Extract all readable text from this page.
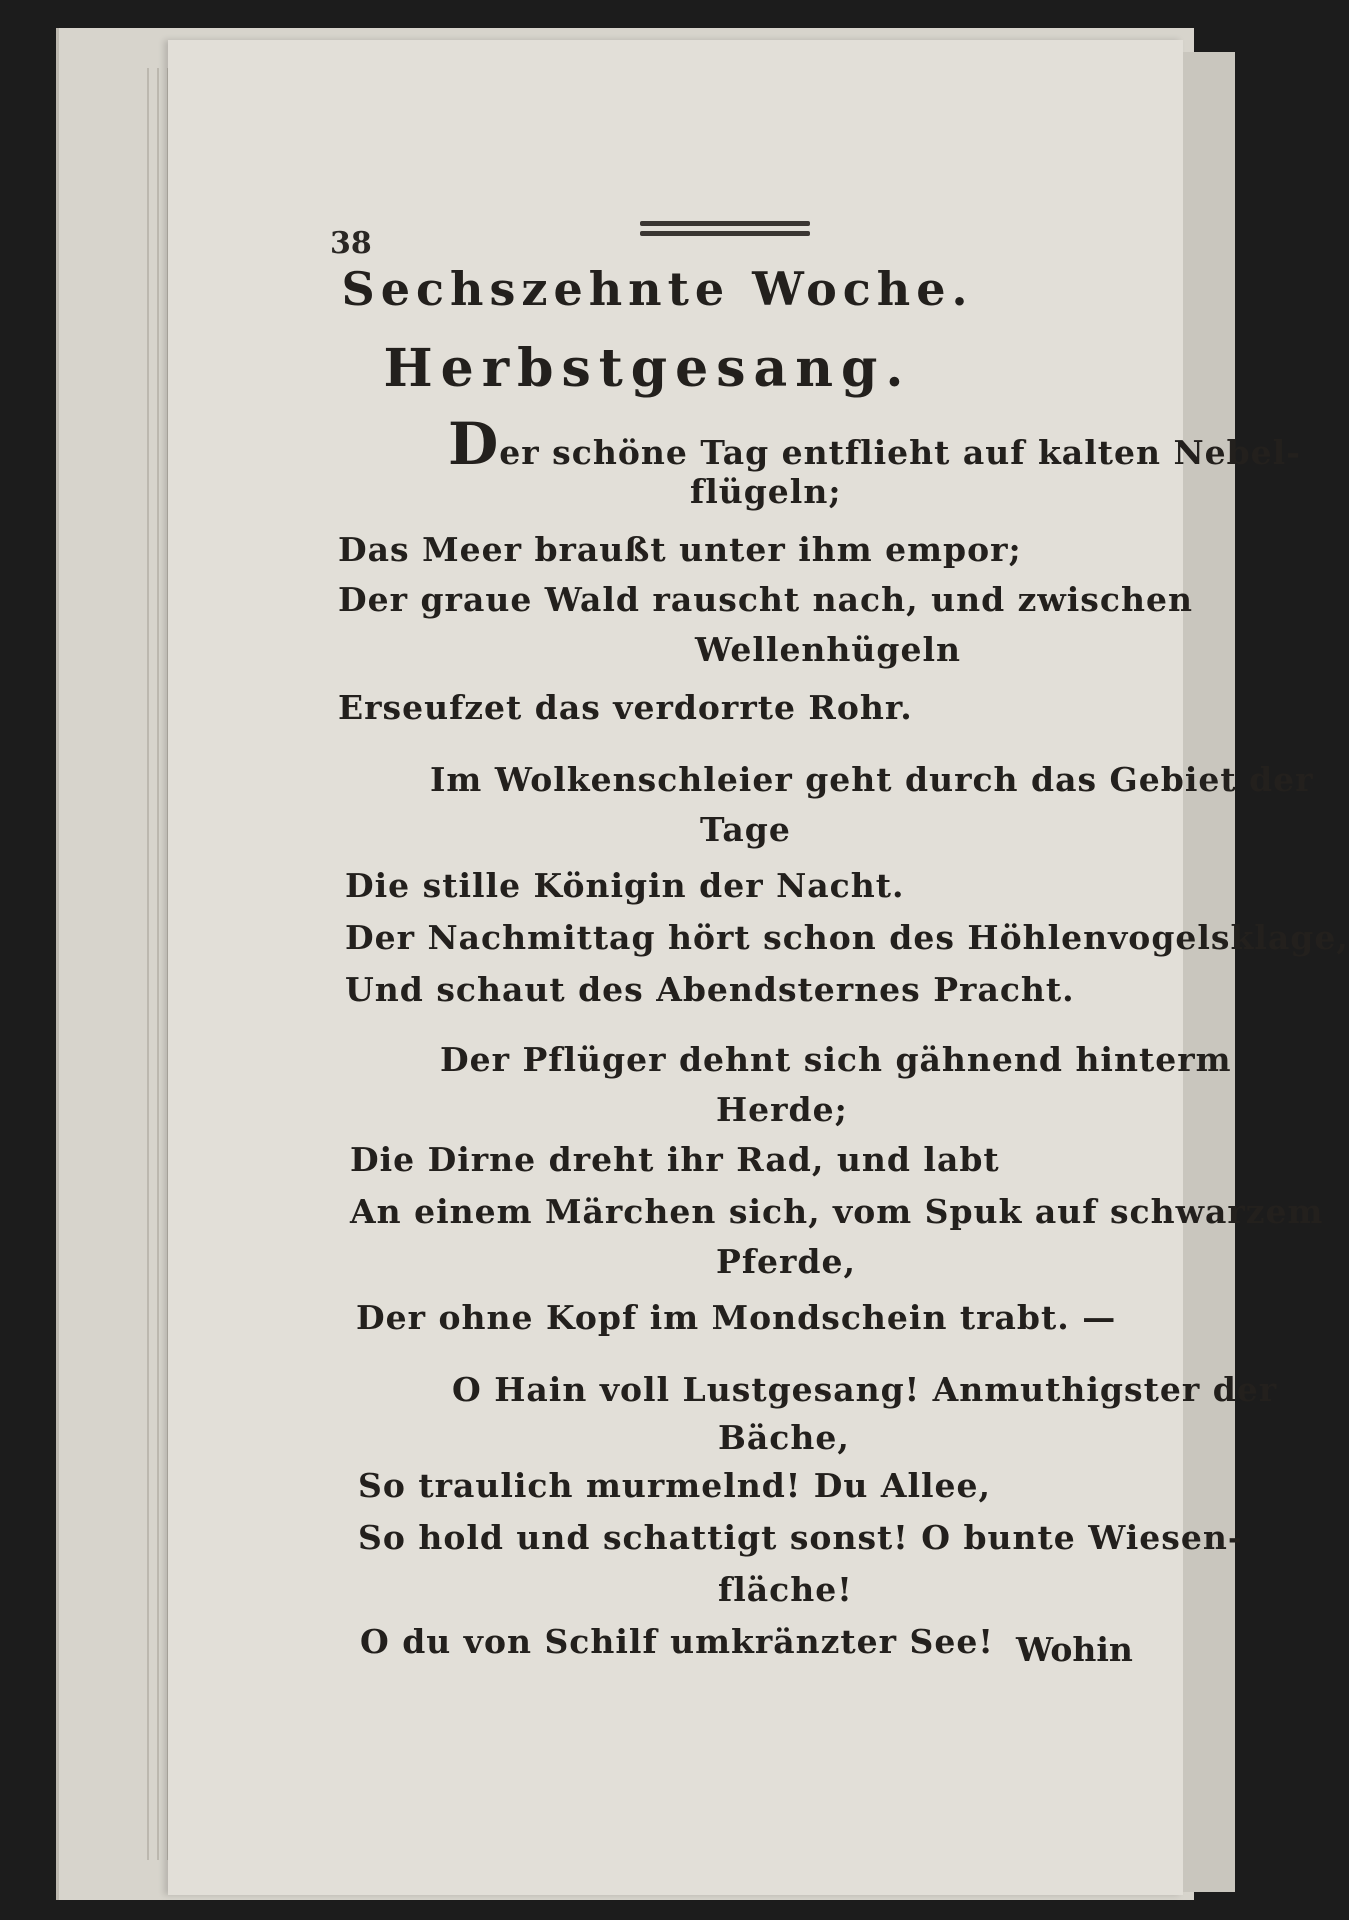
38
Sechszehnte Woche.
Herbstgesang.
Der schöne Tag entflieht auf kalten Nebel-
flügeln;
Das Meer braußt unter ihm empor;
Der graue Wald rauscht nach, und zwischen
Wellenhügeln
Erseufzet das verdorrte Rohr.
Im Wolkenschleier geht durch das Gebiet der
Tage
Die stille Königin der Nacht.
Der Nachmittag hört schon des Höhlenvogelsklage,
Und schaut des Abendsternes Pracht.
Der Pflüger dehnt sich gähnend hinterm
Herde;
Die Dirne dreht ihr Rad, und labt
An einem Märchen sich, vom Spuk auf schwarzem
Pferde,
Der ohne Kopf im Mondschein trabt. —
O Hain voll Lustgesang! Anmuthigster der
Bäche,
So traulich murmelnd! Du Allee,
So hold und schattigt sonst! O bunte Wiesen-
fläche!
O du von Schilf umkränzter See! Wohin
